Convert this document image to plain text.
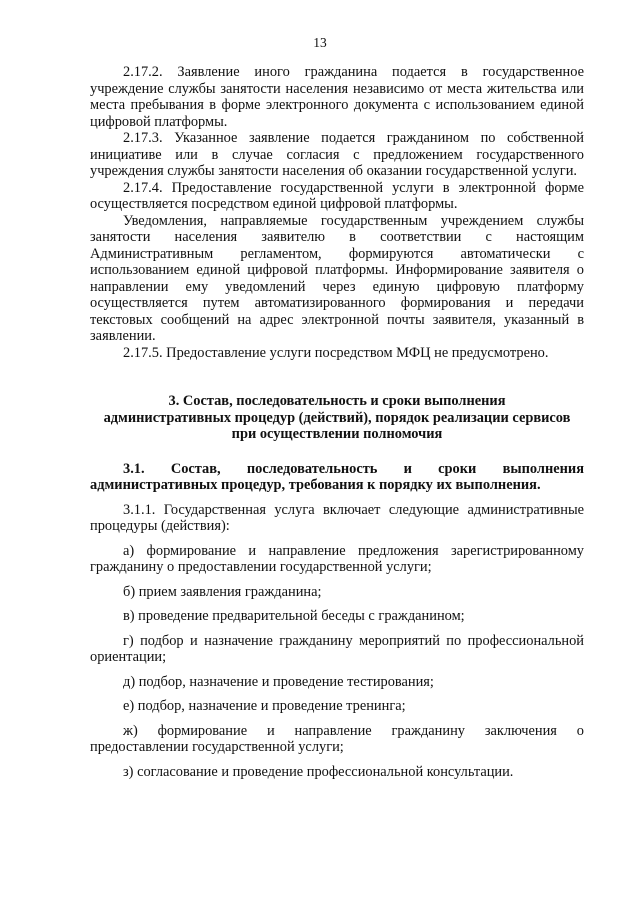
13

2.17.2. Заявление иного гражданина подается в государственное учреждение службы занятости населения независимо от места жительства или места пребывания в форме электронного документа с использованием единой цифровой платформы.

2.17.3. Указанное заявление подается гражданином по собственной инициативе или в случае согласия с предложением государственного учреждения службы занятости населения об оказании государственной услуги.

2.17.4. Предоставление государственной услуги в электронной форме осуществляется посредством единой цифровой платформы.

Уведомления, направляемые государственным учреждением службы занятости населения заявителю в соответствии с настоящим Административным регламентом, формируются автоматически с использованием единой цифровой платформы. Информирование заявителя о направлении ему уведомлений через единую цифровую платформу осуществляется путем автоматизированного формирования и передачи текстовых сообщений на адрес электронной почты заявителя, указанный в заявлении.

2.17.5. Предоставление услуги посредством МФЦ не предусмотрено.

3. Состав, последовательность и сроки выполнения

административных процедур (действий), порядок реализации сервисов

при осуществлении полномочия

3.1. Состав, последовательность и сроки выполнения административных процедур, требования к порядку их выполнения.

3.1.1. Государственная услуга включает следующие административные процедуры (действия):

а) формирование и направление предложения зарегистрированному гражданину о предоставлении государственной услуги;

б) прием заявления гражданина;

в) проведение предварительной беседы с гражданином;

г) подбор и назначение гражданину мероприятий по профессиональной ориентации;

д) подбор, назначение и проведение тестирования;

е) подбор, назначение и проведение тренинга;

ж) формирование и направление гражданину заключения о предоставлении государственной услуги;

з) согласование и проведение профессиональной консультации.
